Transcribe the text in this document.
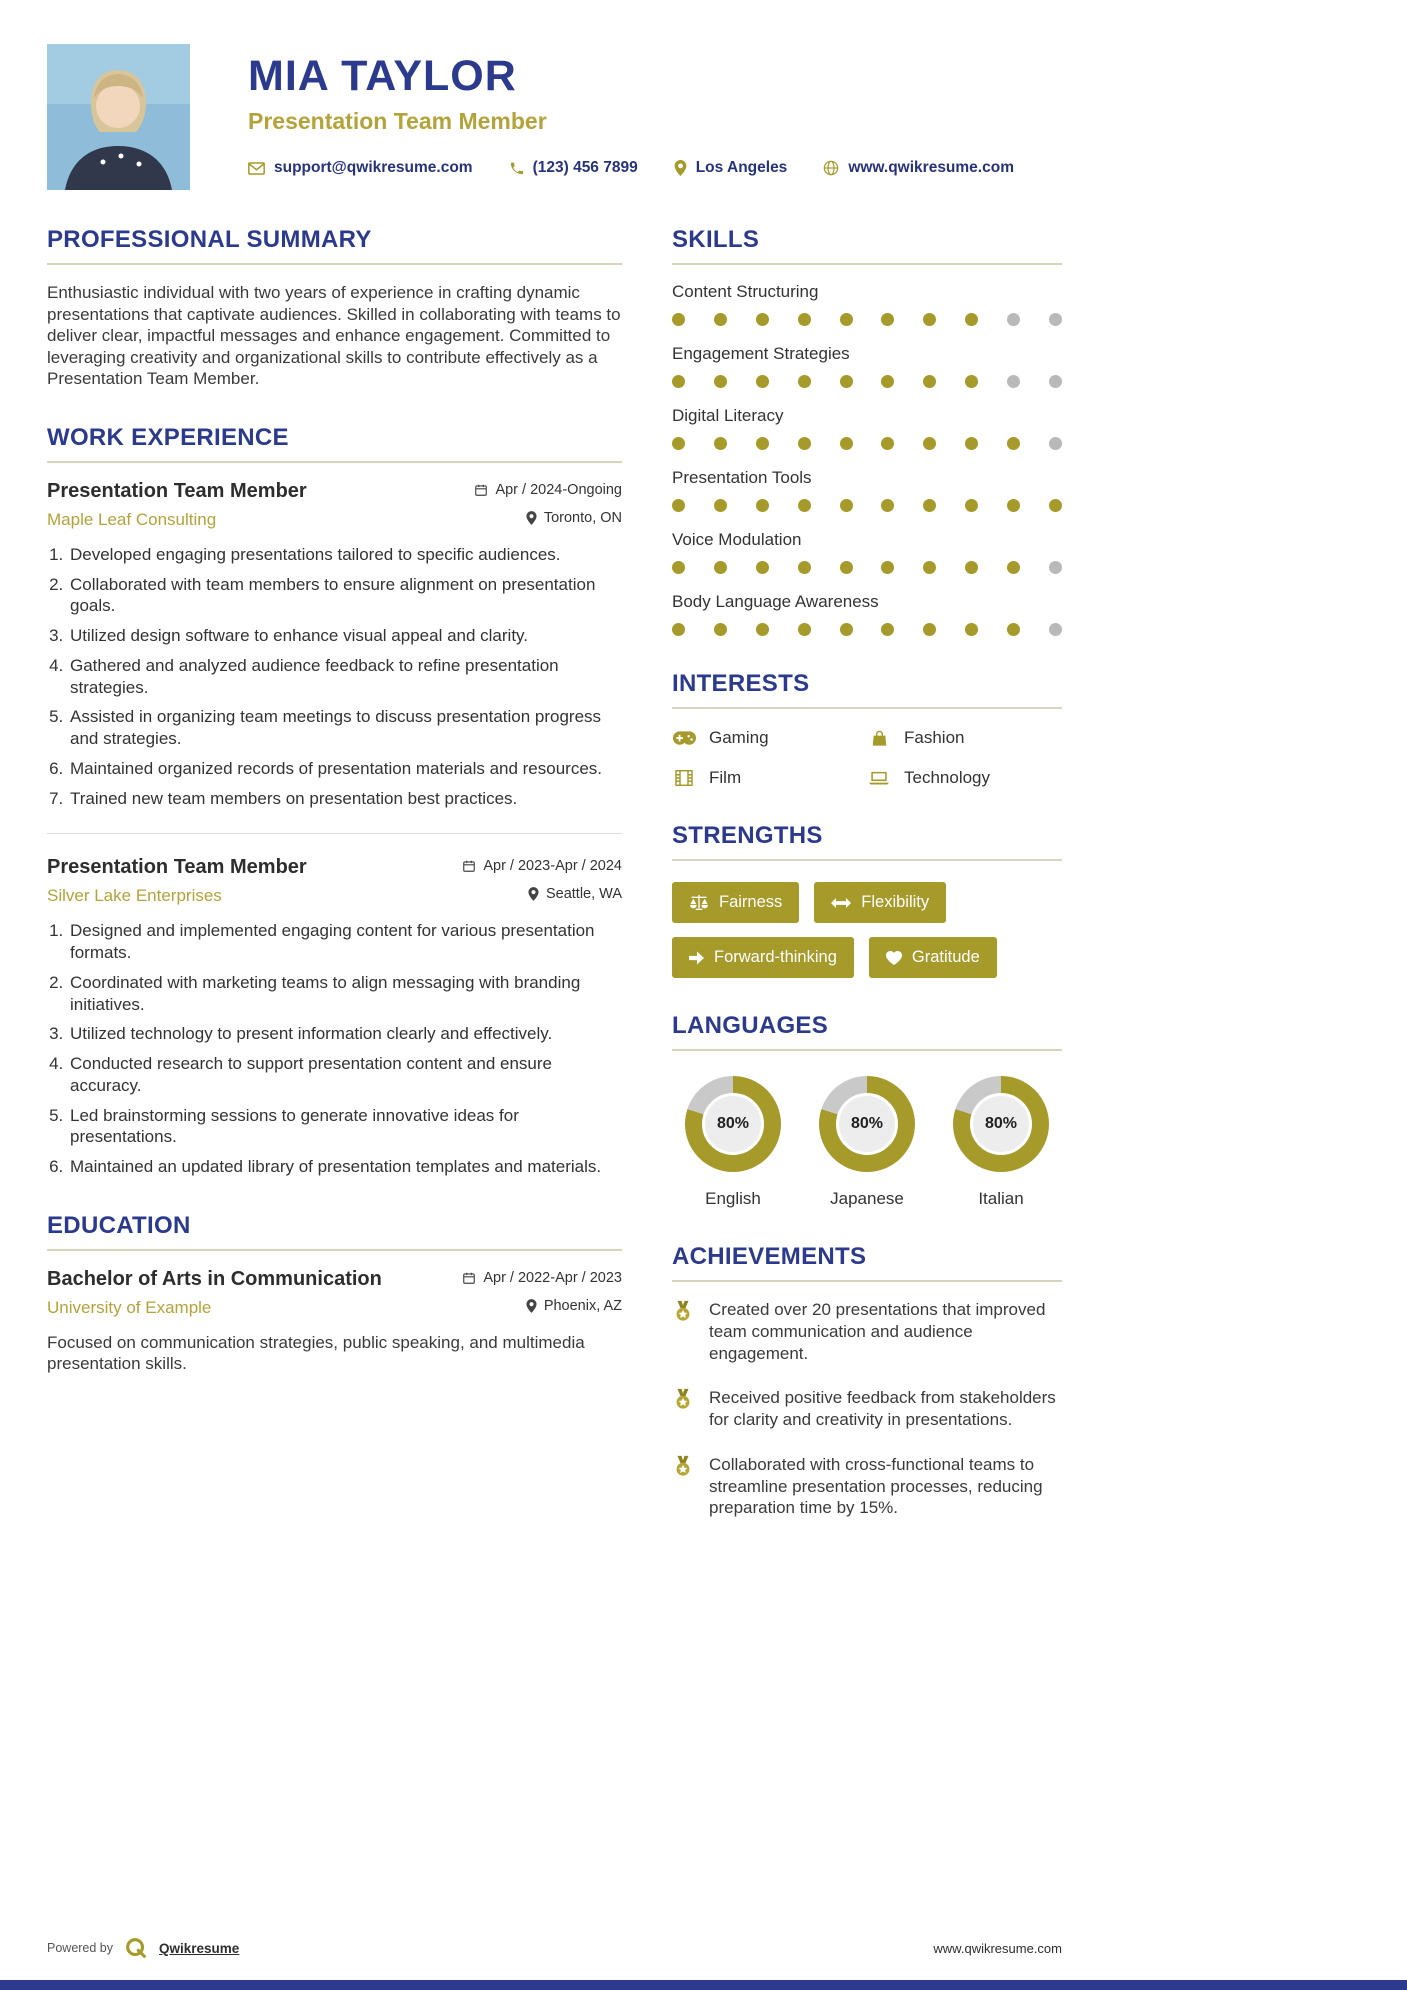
MIA TAYLOR
Presentation Team Member
support@qwikresume.com	(123) 456 7899	Los Angeles	www.qwikresume.com
PROFESSIONAL SUMMARY
Enthusiastic individual with two years of experience in crafting dynamic presentations that captivate audiences. Skilled in collaborating with teams to deliver clear, impactful messages and enhance engagement. Committed to leveraging creativity and organizational skills to contribute effectively as a Presentation Team Member.
WORK EXPERIENCE
Presentation Team Member	Apr / 2024-Ongoing
Maple Leaf Consulting	Toronto, ON
1. Developed engaging presentations tailored to specific audiences.
2. Collaborated with team members to ensure alignment on presentation goals.
3. Utilized design software to enhance visual appeal and clarity.
4. Gathered and analyzed audience feedback to refine presentation strategies.
5. Assisted in organizing team meetings to discuss presentation progress and strategies.
6. Maintained organized records of presentation materials and resources.
7. Trained new team members on presentation best practices.
Presentation Team Member	Apr / 2023-Apr / 2024
Silver Lake Enterprises	Seattle, WA
1. Designed and implemented engaging content for various presentation formats.
2. Coordinated with marketing teams to align messaging with branding initiatives.
3. Utilized technology to present information clearly and effectively.
4. Conducted research to support presentation content and ensure accuracy.
5. Led brainstorming sessions to generate innovative ideas for presentations.
6. Maintained an updated library of presentation templates and materials.
EDUCATION
Bachelor of Arts in Communication	Apr / 2022-Apr / 2023
University of Example	Phoenix, AZ
Focused on communication strategies, public speaking, and multimedia presentation skills.
SKILLS
Content Structuring
Engagement Strategies
Digital Literacy
Presentation Tools
Voice Modulation
Body Language Awareness
INTERESTS
Gaming	Fashion
Film	Technology
STRENGTHS
Fairness	Flexibility
Forward-thinking	Gratitude
LANGUAGES
80%
English
80%
Japanese
80%
Italian
ACHIEVEMENTS
Created over 20 presentations that improved team communication and audience engagement.
Received positive feedback from stakeholders for clarity and creativity in presentations.
Collaborated with cross-functional teams to streamline presentation processes, reducing preparation time by 15%.
Powered by	Qwikresume	www.qwikresume.com
